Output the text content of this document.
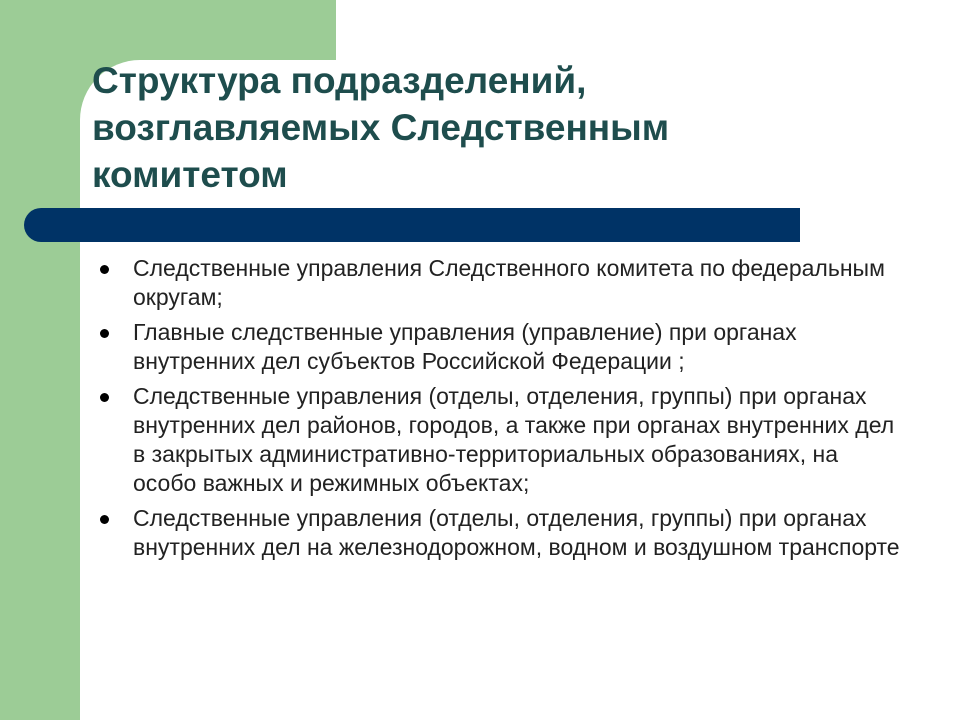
Структура подразделений, возглавляемых Следственным комитетом
Следственные управления Следственного комитета по федеральным округам;
Главные следственные управления (управление) при органах внутренних дел субъектов Российской Федерации ;
Следственные управления (отделы, отделения, группы) при органах внутренних дел районов, городов, а также при органах внутренних дел в закрытых административно-территориальных образованиях, на особо важных и режимных объектах;
Следственные управления (отделы, отделения, группы) при органах внутренних дел на железнодорожном, водном и воздушном транспорте
